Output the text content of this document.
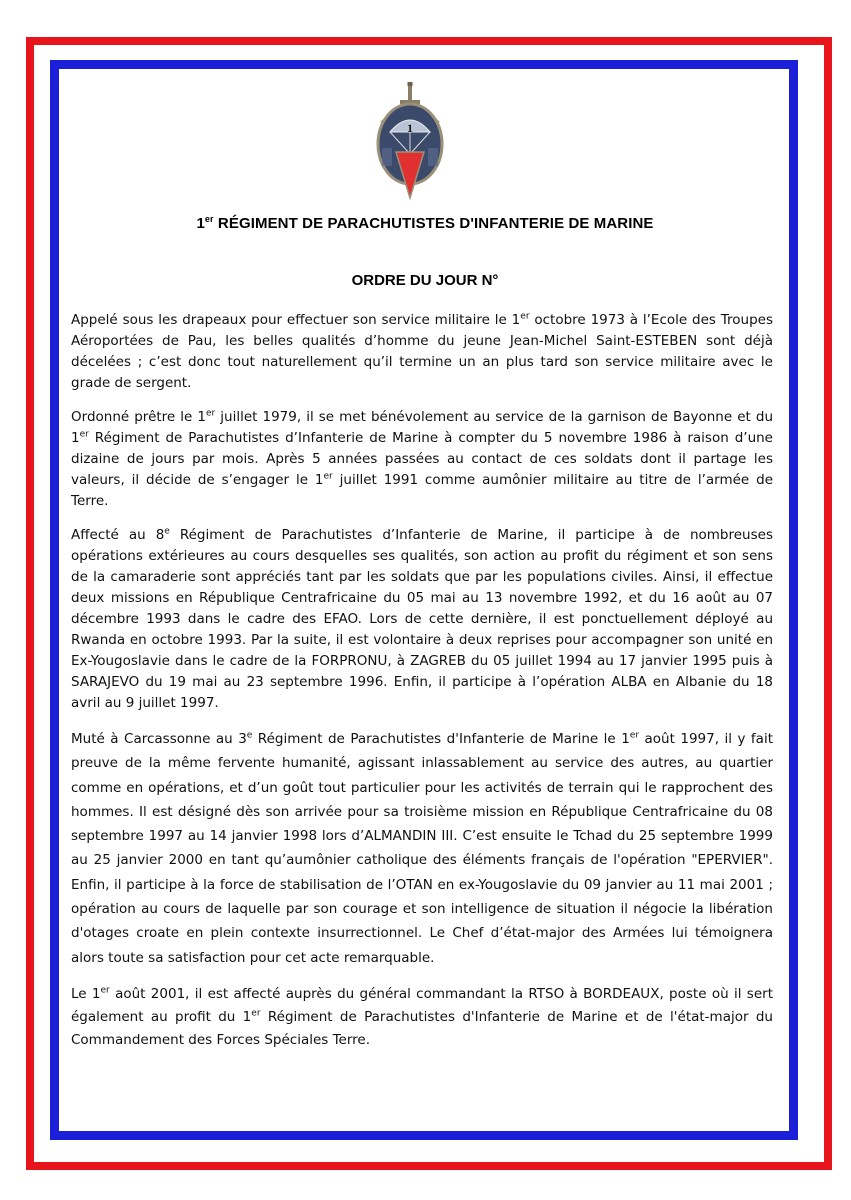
1
1er RÉGIMENT DE PARACHUTISTES D'INFANTERIE DE MARINE
ORDRE DU JOUR N°

Appelé sous les drapeaux pour effectuer son service militaire le 1er octobre 1973 à l’Ecole des Troupes Aéroportées de Pau, les belles qualités d’homme du jeune Jean-Michel Saint-ESTEBEN sont déjà décelées ; c’est donc tout naturellement qu’il termine un an plus tard son service militaire avec le grade de sergent.

Ordonné prêtre le 1er juillet 1979, il se met bénévolement au service de la garnison de Bayonne et du 1er Régiment de Parachutistes d’Infanterie de Marine à compter du 5 novembre 1986 à raison d’une dizaine de jours par mois. Après 5 années passées au contact de ces soldats dont il partage les valeurs, il décide de s’engager le 1er juillet 1991 comme aumônier militaire au titre de l’armée de Terre.

Affecté au 8e Régiment de Parachutistes d’Infanterie de Marine, il participe à de nombreuses opérations extérieures au cours desquelles ses qualités, son action au profit du régiment et son sens de la camaraderie sont appréciés tant par les soldats que par les populations civiles. Ainsi, il effectue deux missions en République Centrafricaine du 05 mai au 13 novembre 1992, et du 16 août au 07 décembre 1993 dans le cadre des EFAO. Lors de cette dernière, il est ponctuellement déployé au Rwanda en octobre 1993. Par la suite, il est volontaire à deux reprises pour accompagner son unité en Ex-Yougoslavie dans le cadre de la FORPRONU, à ZAGREB du 05 juillet 1994 au 17 janvier 1995 puis à SARAJEVO du 19 mai au 23 septembre 1996. Enfin, il participe à l’opération ALBA en Albanie du 18 avril au 9 juillet 1997.

Muté à Carcassonne au 3e Régiment de Parachutistes d'Infanterie de Marine le 1er août 1997, il y fait preuve de la même fervente humanité, agissant inlassablement au service des autres, au quartier comme en opérations, et d’un goût tout particulier pour les activités de terrain qui le rapprochent des hommes. Il est désigné dès son arrivée pour sa troisième mission en République Centrafricaine du 08 septembre 1997 au 14 janvier 1998 lors d’ALMANDIN III. C’est ensuite le Tchad du 25 septembre 1999 au 25 janvier 2000 en tant qu’aumônier catholique des éléments français de l'opération "EPERVIER". Enfin, il participe à la force de stabilisation de l’OTAN en ex-Yougoslavie du 09 janvier au 11 mai 2001 ; opération au cours de laquelle par son courage et son intelligence de situation il négocie la libération d'otages croate en plein contexte insurrectionnel. Le Chef d’état-major des Armées lui témoignera alors toute sa satisfaction pour cet acte remarquable.

Le 1er août 2001, il est affecté auprès du général commandant la RTSO à BORDEAUX, poste où il sert également au profit du 1er Régiment de Parachutistes d'Infanterie de Marine et de l'état-major du Commandement des Forces Spéciales Terre.
